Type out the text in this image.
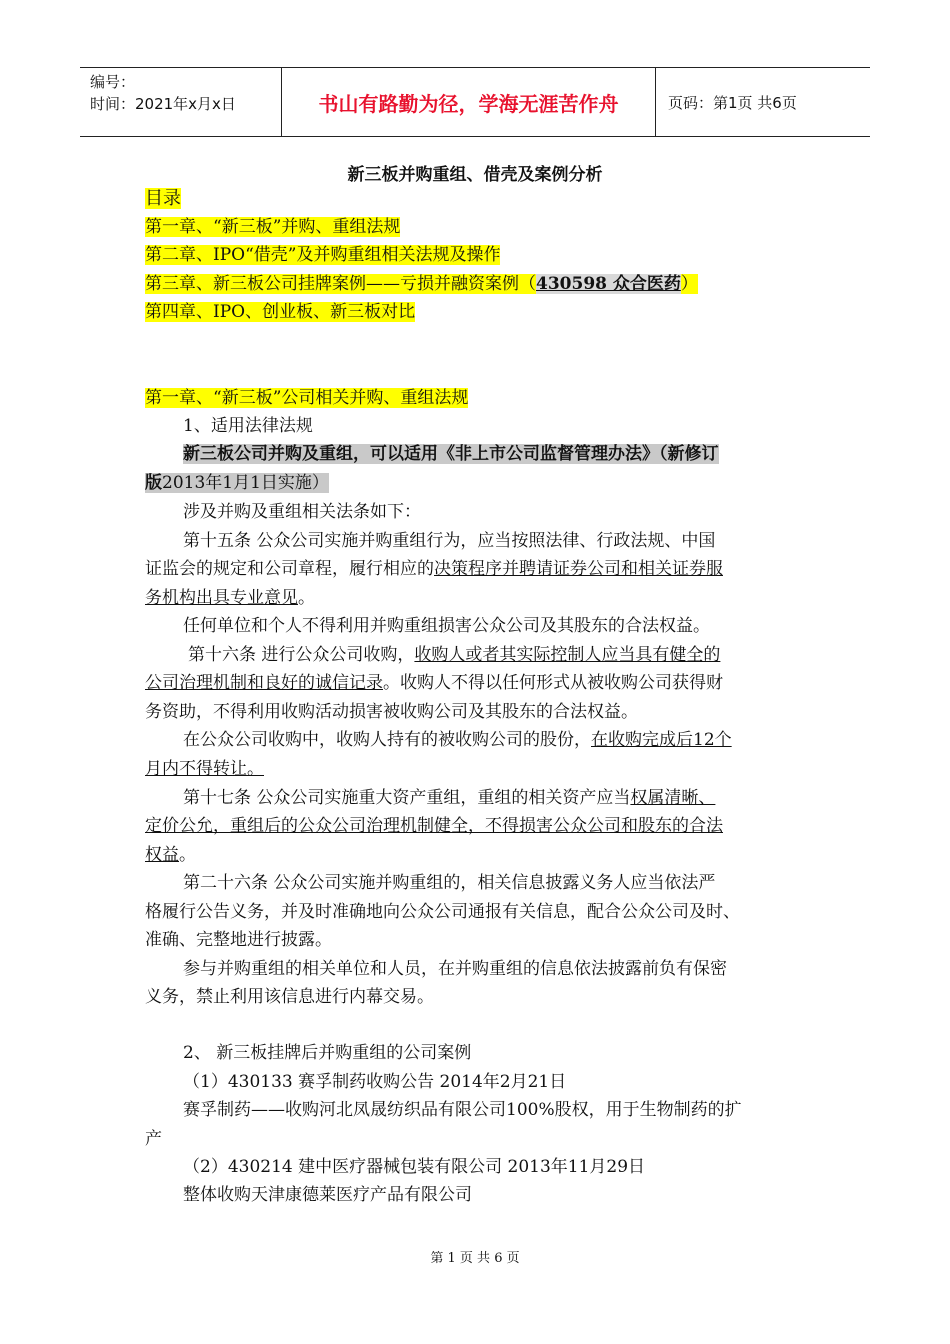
编号：
时间：2021年x月x日	书山有路勤为径，学海无涯苦作舟	页码：第1页 共6页
新三板并购重组、借壳及案例分析
目录
第一章、“新三板”并购、重组法规
第二章、IPO“借壳”及并购重组相关法规及操作
第三章、新三板公司挂牌案例——亏损并融资案例（430598 众合医药）
第四章、IPO、创业板、新三板对比
第一章、“新三板”公司相关并购、重组法规
1、适用法律法规
新三板公司并购及重组，可以适用《非上市公司监督管理办法》（新修订
版2013年1月1日实施）
涉及并购及重组相关法条如下：
第十五条 公众公司实施并购重组行为，应当按照法律、行政法规、中国
证监会的规定和公司章程，履行相应的决策程序并聘请证券公司和相关证券服
务机构出具专业意见。
任何单位和个人不得利用并购重组损害公众公司及其股东的合法权益。
第十六条 进行公众公司收购，收购人或者其实际控制人应当具有健全的
公司治理机制和良好的诚信记录。收购人不得以任何形式从被收购公司获得财
务资助，不得利用收购活动损害被收购公司及其股东的合法权益。
在公众公司收购中，收购人持有的被收购公司的股份，在收购完成后12个
月内不得转让。
第十七条 公众公司实施重大资产重组，重组的相关资产应当权属清晰、
定价公允，重组后的公众公司治理机制健全，不得损害公众公司和股东的合法
权益。
第二十六条 公众公司实施并购重组的，相关信息披露义务人应当依法严
格履行公告义务，并及时准确地向公众公司通报有关信息，配合公众公司及时、
准确、完整地进行披露。
参与并购重组的相关单位和人员，在并购重组的信息依法披露前负有保密
义务，禁止利用该信息进行内幕交易。
2、 新三板挂牌后并购重组的公司案例
（1）430133 赛孚制药收购公告 2014年2月21日
赛孚制药——收购河北凤晟纺织品有限公司100%股权，用于生物制药的扩
产
（2）430214 建中医疗器械包装有限公司 2013年11月29日
整体收购天津康德莱医疗产品有限公司
第 1 页 共 6 页
